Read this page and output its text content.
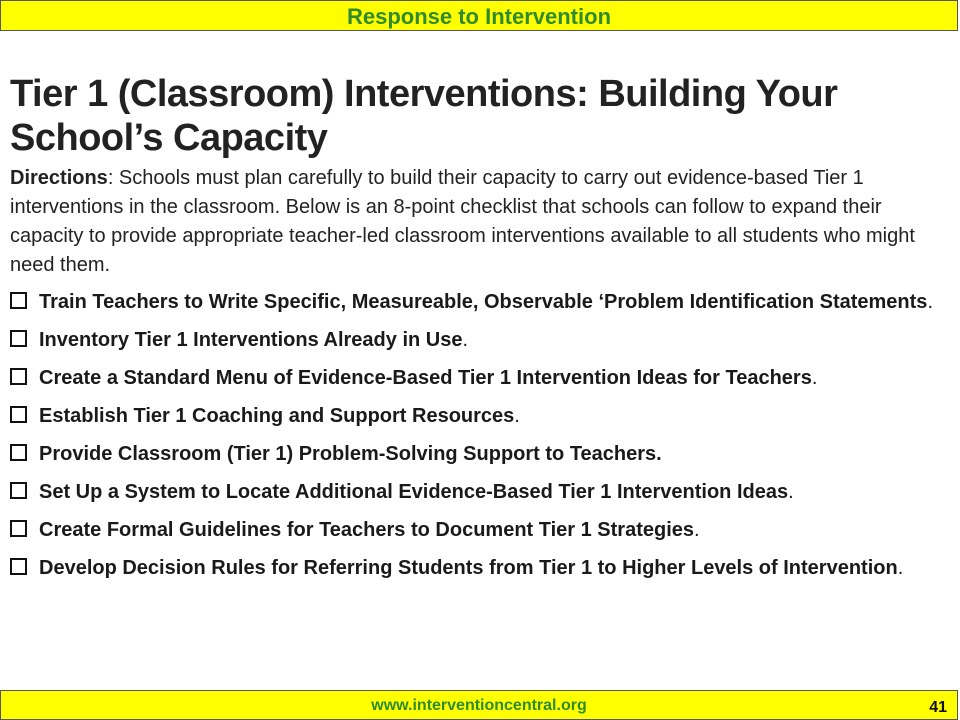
Response to Intervention
Tier 1 (Classroom) Interventions: Building Your
School’s Capacity

Directions: Schools must plan carefully to build their capacity to carry out evidence-based Tier 1 interventions in the classroom. Below is an 8-point checklist that schools can follow to expand their capacity to provide appropriate teacher-led classroom interventions available to all students who might need them.

Train Teachers to Write Specific, Measureable, Observable ‘Problem Identification Statements.
Inventory Tier 1 Interventions Already in Use.
Create a Standard Menu of Evidence-Based Tier 1 Intervention Ideas for Teachers.
Establish Tier 1 Coaching and Support Resources.
Provide Classroom (Tier 1) Problem-Solving Support to Teachers.
Set Up a System to Locate Additional Evidence-Based Tier 1 Intervention Ideas.
Create Formal Guidelines for Teachers to Document Tier 1 Strategies.
Develop Decision Rules for Referring Students from Tier 1 to Higher Levels of Intervention.
www.interventioncentral.org	41
